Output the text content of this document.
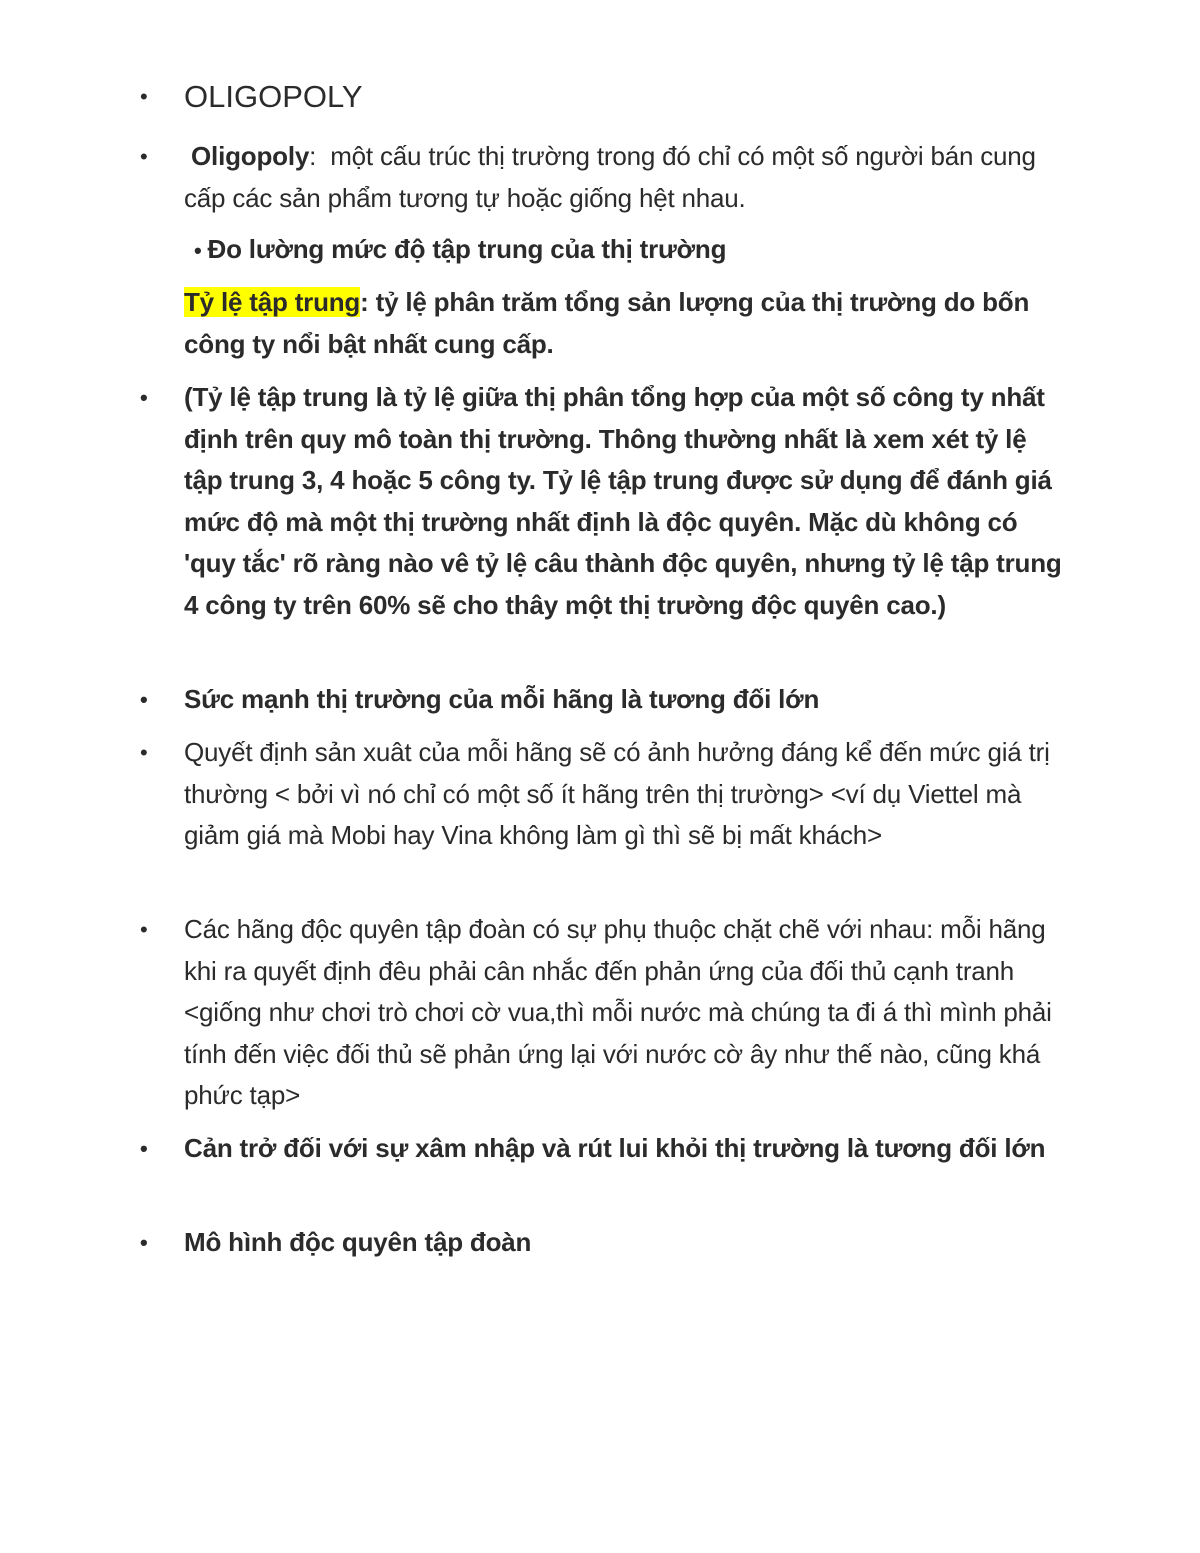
• OLIGOPOLY
• Oligopoly:  một cấu trúc thị trường trong đó chỉ có một số người bán cung cấp các sản phẩm tương tự hoặc giống hệt nhau.
• Đo lường mức độ tập trung của thị trường
Tỷ lệ tập trung: tỷ lệ phân trăm tổng sản lượng của thị trường do bốn công ty nổi bật nhất cung cấp.
• (Tỷ lệ tập trung là tỷ lệ giữa thị phân tổng hợp của một số công ty nhất định trên quy mô toàn thị trường. Thông thường nhất là xem xét tỷ lệ tập trung 3, 4 hoặc 5 công ty. Tỷ lệ tập trung được sử dụng để đánh giá mức độ mà một thị trường nhất định là độc quyên. Mặc dù không có 'quy tắc' rõ ràng nào vê tỷ lệ câu thành độc quyên, nhưng tỷ lệ tập trung 4 công ty trên 60% sẽ cho thây một thị trường độc quyên cao.)
• Sức mạnh thị trường của mỗi hãng là tương đối lớn
• Quyết định sản xuât của mỗi hãng sẽ có ảnh hưởng đáng kể đến mức giá trị thường < bởi vì nó chỉ có một số ít hãng trên thị trường> <ví dụ Viettel mà giảm giá mà Mobi hay Vina không làm gì thì sẽ bị mất khách>
• Các hãng độc quyên tập đoàn có sự phụ thuộc chặt chẽ với nhau: mỗi hãng khi ra quyết định đêu phải cân nhắc đến phản ứng của đối thủ cạnh tranh <giống như chơi trò chơi cờ vua,thì mỗi nước mà chúng ta đi á thì mình phải tính đến việc đối thủ sẽ phản ứng lại với nước cờ ây như thế nào, cũng khá phức tạp>
• Cản trở đối với sự xâm nhập và rút lui khỏi thị trường là tương đối lớn
• Mô hình độc quyên tập đoàn
